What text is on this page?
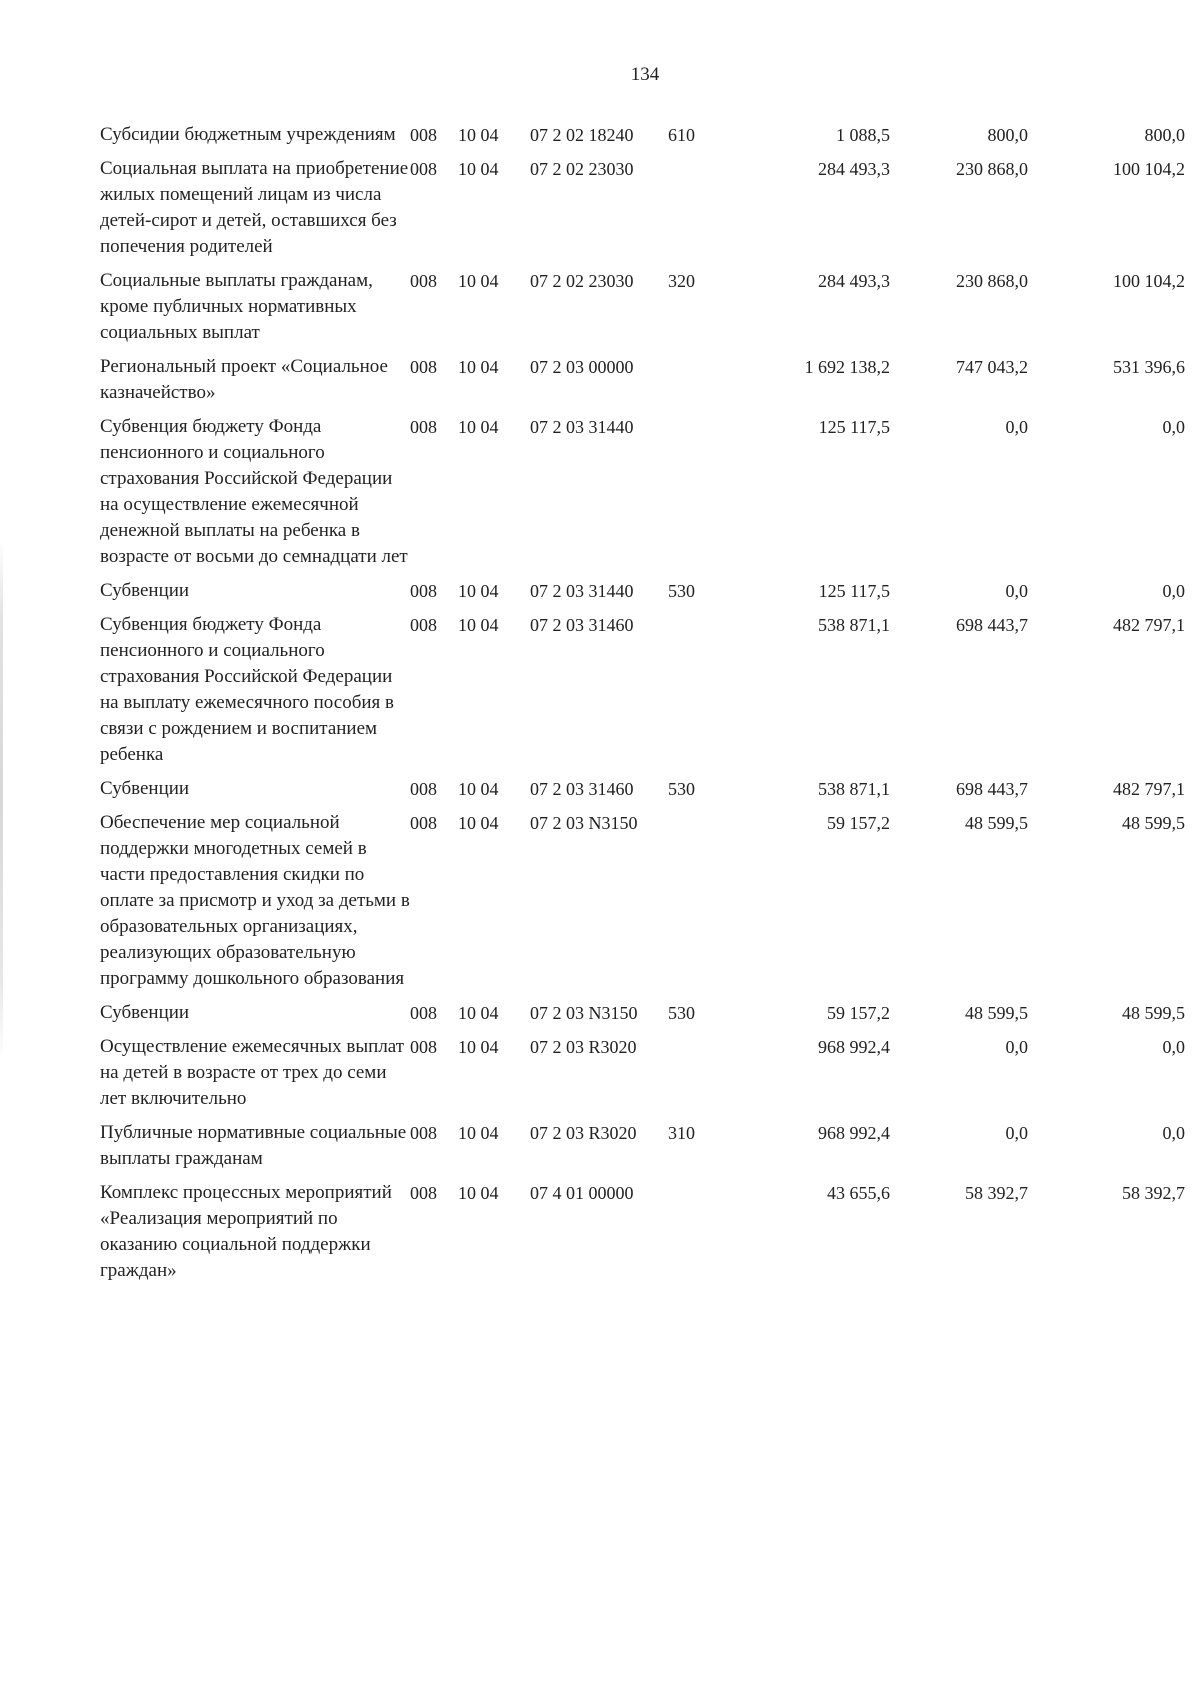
134
Субсидии бюджетным учреждениям	008	10 04	07 2 02 18240	610	1 088,5	800,0	800,0
Социальная выплата на приобретение жилых помещений лицам из числа детей-сирот и детей, оставшихся без попечения родителей	008	10 04	07 2 02 23030		284 493,3	230 868,0	100 104,2
Социальные выплаты гражданам, кроме публичных нормативных социальных выплат	008	10 04	07 2 02 23030	320	284 493,3	230 868,0	100 104,2
Региональный проект «Социальное казначейство»	008	10 04	07 2 03 00000		1 692 138,2	747 043,2	531 396,6
Субвенция бюджету Фонда пенсионного и социального страхования Российской Федерации на осуществление ежемесячной денежной выплаты на ребенка в возрасте от восьми до семнадцати лет	008	10 04	07 2 03 31440		125 117,5	0,0	0,0
Субвенции	008	10 04	07 2 03 31440	530	125 117,5	0,0	0,0
Субвенция бюджету Фонда пенсионного и социального страхования Российской Федерации на выплату ежемесячного пособия в связи с рождением и воспитанием ребенка	008	10 04	07 2 03 31460		538 871,1	698 443,7	482 797,1
Субвенции	008	10 04	07 2 03 31460	530	538 871,1	698 443,7	482 797,1
Обеспечение мер социальной поддержки многодетных семей в части предоставления скидки по оплате за присмотр и уход за детьми в образовательных организациях, реализующих образовательную программу дошкольного образования	008	10 04	07 2 03 N3150		59 157,2	48 599,5	48 599,5
Субвенции	008	10 04	07 2 03 N3150	530	59 157,2	48 599,5	48 599,5
Осуществление ежемесячных выплат на детей в возрасте от трех до семи лет включительно	008	10 04	07 2 03 R3020		968 992,4	0,0	0,0
Публичные нормативные социальные выплаты гражданам	008	10 04	07 2 03 R3020	310	968 992,4	0,0	0,0
Комплекс процессных мероприятий «Реализация мероприятий по оказанию социальной поддержки граждан»	008	10 04	07 4 01 00000		43 655,6	58 392,7	58 392,7
